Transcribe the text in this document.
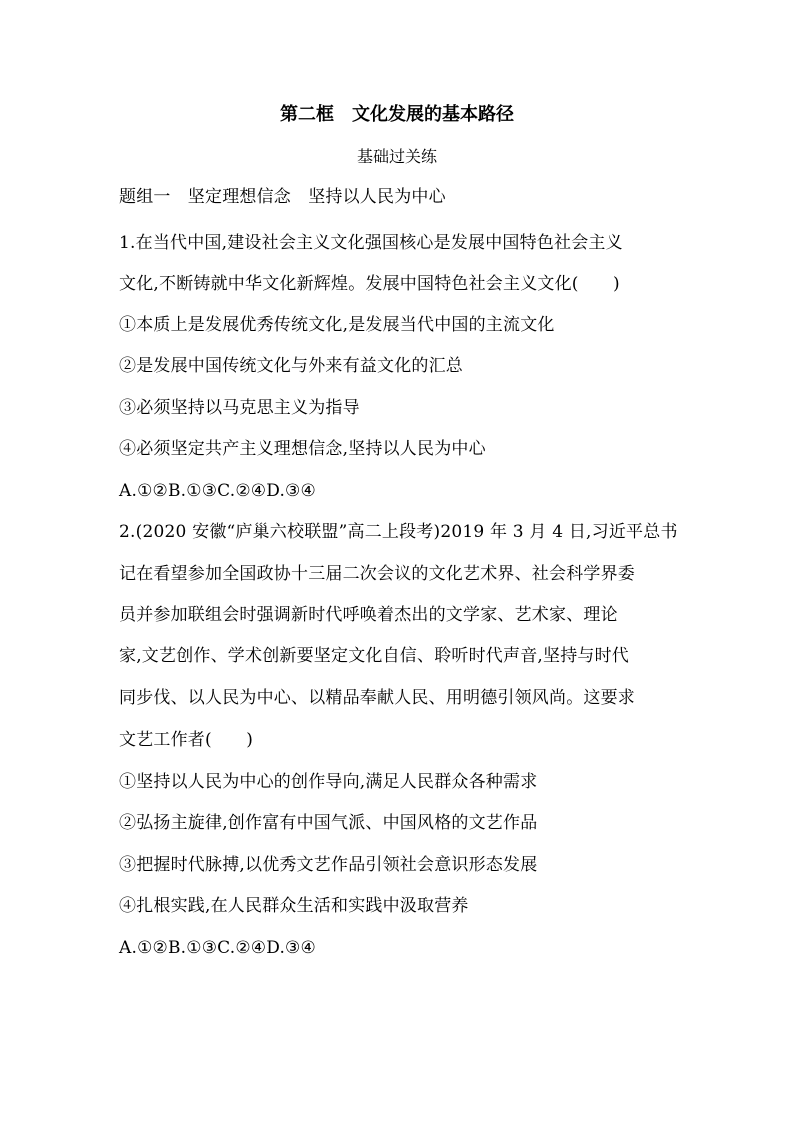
第二框　文化发展的基本路径
基础过关练
题组一　坚定理想信念　坚持以人民为中心
1.在当代中国,建设社会主义文化强国核心是发展中国特色社会主义
文化,不断铸就中华文化新辉煌。发展中国特色社会主义文化(　　)
①本质上是发展优秀传统文化,是发展当代中国的主流文化
②是发展中国传统文化与外来有益文化的汇总
③必须坚持以马克思主义为指导
④必须坚定共产主义理想信念,坚持以人民为中心
A.①②B.①③C.②④D.③④
2.(2020 安徽“庐巢六校联盟”高二上段考)2019 年 3 月 4 日,习近平总书
记在看望参加全国政协十三届二次会议的文化艺术界、社会科学界委
员并参加联组会时强调新时代呼唤着杰出的文学家、艺术家、理论
家,文艺创作、学术创新要坚定文化自信、聆听时代声音,坚持与时代
同步伐、以人民为中心、以精品奉献人民、用明德引领风尚。这要求
文艺工作者(　　)
①坚持以人民为中心的创作导向,满足人民群众各种需求
②弘扬主旋律,创作富有中国气派、中国风格的文艺作品
③把握时代脉搏,以优秀文艺作品引领社会意识形态发展
④扎根实践,在人民群众生活和实践中汲取营养
A.①②B.①③C.②④D.③④
